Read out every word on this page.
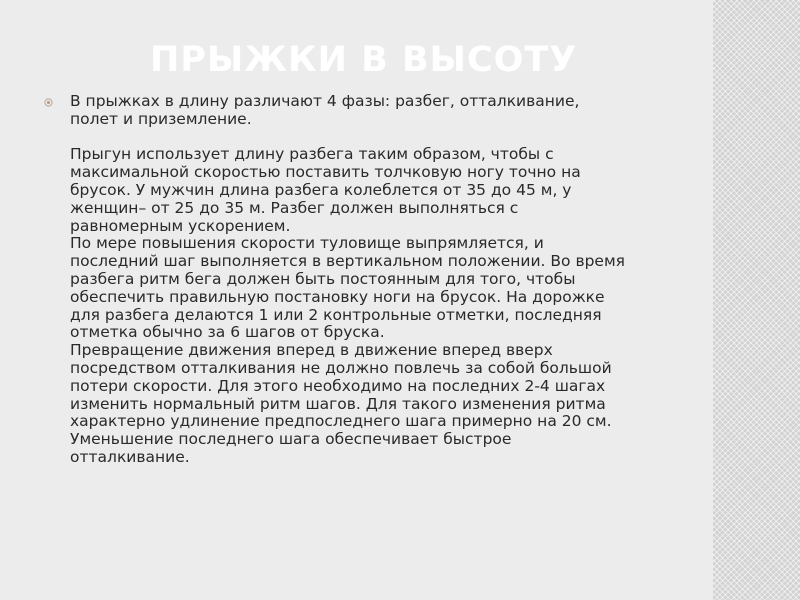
ПРЫЖКИ В ВЫСОТУ

В прыжках в длину различают 4 фазы: разбег, отталкивание,
полет и приземление.

Прыгун использует длину разбега таким образом, чтобы с
максимальной скоростью поставить толчковую ногу точно на
брусок. У мужчин длина разбега колеблется от 35 до 45 м, у
женщин– от 25 до 35 м. Разбег должен выполняться с
равномерным ускорением.
По мере повышения скорости туловище выпрямляется, и
последний шаг выполняется в вертикальном положении. Во время
разбега ритм бега должен быть постоянным для того, чтобы
обеспечить правильную постановку ноги на брусок. На дорожке
для разбега делаются 1 или 2 контрольные отметки, последняя
отметка обычно за 6 шагов от бруска.
Превращение движения вперед в движение вперед вверх
посредством отталкивания не должно повлечь за собой большой
потери скорости. Для этого необходимо на последних 2-4 шагах
изменить нормальный ритм шагов. Для такого изменения ритма
характерно удлинение предпоследнего шага примерно на 20 см.
Уменьшение последнего шага обеспечивает быстрое
отталкивание.
